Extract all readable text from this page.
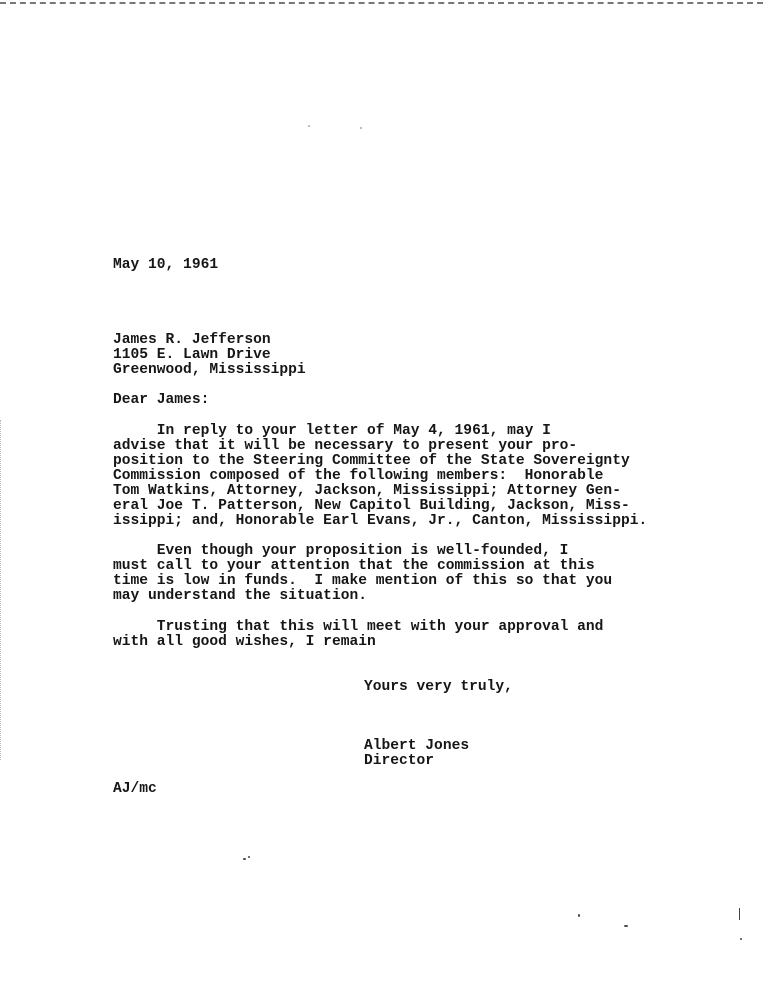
May 10, 1961
James R. Jefferson
1105 E. Lawn Drive
Greenwood, Mississippi
Dear James:
In reply to your letter of May 4, 1961, may I
advise that it will be necessary to present your pro-
position to the Steering Committee of the State Sovereignty
Commission composed of the following members:  Honorable
Tom Watkins, Attorney, Jackson, Mississippi; Attorney Gen-
eral Joe T. Patterson, New Capitol Building, Jackson, Miss-
issippi; and, Honorable Earl Evans, Jr., Canton, Mississippi.
Even though your proposition is well-founded, I
must call to your attention that the commission at this
time is low in funds.  I make mention of this so that you
may understand the situation.
Trusting that this will meet with your approval and
with all good wishes, I remain
Yours very truly,
Albert Jones
Director
AJ/mc
